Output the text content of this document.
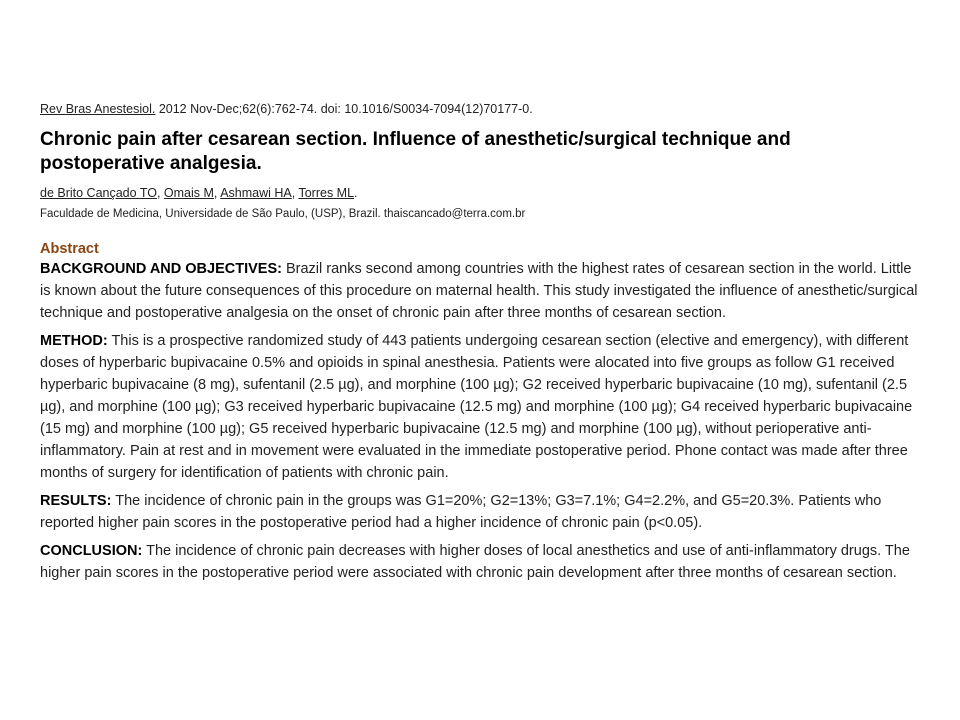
Rev Bras Anestesiol. 2012 Nov-Dec;62(6):762-74. doi: 10.1016/S0034-7094(12)70177-0.
Chronic pain after cesarean section. Influence of anesthetic/surgical technique and postoperative analgesia.
de Brito Cançado TO, Omais M, Ashmawi HA, Torres ML.
Faculdade de Medicina, Universidade de São Paulo, (USP), Brazil. thaiscancado@terra.com.br
Abstract
BACKGROUND AND OBJECTIVES: Brazil ranks second among countries with the highest rates of cesarean section in the world. Little is known about the future consequences of this procedure on maternal health. This study investigated the influence of anesthetic/surgical technique and postoperative analgesia on the onset of chronic pain after three months of cesarean section.
METHOD: This is a prospective randomized study of 443 patients undergoing cesarean section (elective and emergency), with different doses of hyperbaric bupivacaine 0.5% and opioids in spinal anesthesia. Patients were alocated into five groups as follow G1 received hyperbaric bupivacaine (8 mg), sufentanil (2.5 µg), and morphine (100 µg); G2 received hyperbaric bupivacaine (10 mg), sufentanil (2.5 µg), and morphine (100 µg); G3 received hyperbaric bupivacaine (12.5 mg) and morphine (100 µg); G4 received hyperbaric bupivacaine (15 mg) and morphine (100 µg); G5 received hyperbaric bupivacaine (12.5 mg) and morphine (100 µg), without perioperative anti-inflammatory. Pain at rest and in movement were evaluated in the immediate postoperative period. Phone contact was made after three months of surgery for identification of patients with chronic pain.
RESULTS: The incidence of chronic pain in the groups was G1=20%; G2=13%; G3=7.1%; G4=2.2%, and G5=20.3%. Patients who reported higher pain scores in the postoperative period had a higher incidence of chronic pain (p<0.05).
CONCLUSION: The incidence of chronic pain decreases with higher doses of local anesthetics and use of anti-inflammatory drugs. The higher pain scores in the postoperative period were associated with chronic pain development after three months of cesarean section.
